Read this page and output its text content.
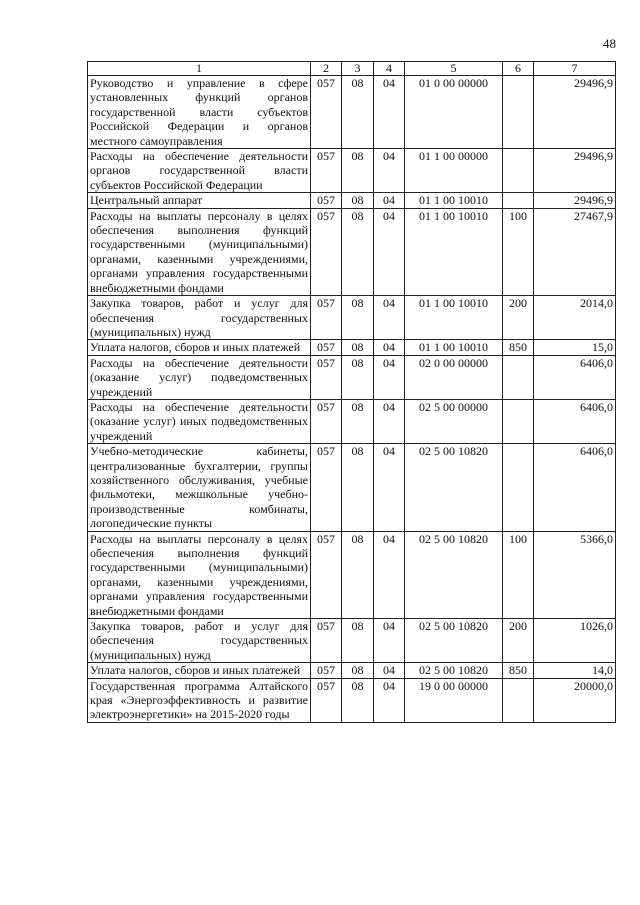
48
1	2	3	4	5	6	7
Руководство и управление в сфере установленных функций органов государственной власти субъектов Российской Федерации и органов местного самоуправления	057	08	04	01 0 00 00000		29496,9
Расходы на обеспечение деятельности органов государственной власти субъектов Российской Федерации	057	08	04	01 1 00 00000		29496,9
Центральный аппарат	057	08	04	01 1 00 10010		29496,9
Расходы на выплаты персоналу в целях обеспечения выполнения функций государственными (муниципальными) органами, казенными учреждениями, органами управления государственными внебюджетными фондами	057	08	04	01 1 00 10010	100	27467,9
Закупка товаров, работ и услуг для обеспечения государственных (муниципальных) нужд	057	08	04	01 1 00 10010	200	2014,0
Уплата налогов, сборов и иных платежей	057	08	04	01 1 00 10010	850	15,0
Расходы на обеспечение деятельности (оказание услуг) подведомственных учреждений	057	08	04	02 0 00 00000		6406,0
Расходы на обеспечение деятельности (оказание услуг) иных подведомственных учреждений	057	08	04	02 5 00 00000		6406,0
Учебно-методические кабинеты, централизованные бухгалтерии, группы хозяйственного обслуживания, учебные фильмотеки, межшкольные учебно-производственные комбинаты, логопедические пункты	057	08	04	02 5 00 10820		6406,0
Расходы на выплаты персоналу в целях обеспечения выполнения функций государственными (муниципальными) органами, казенными учреждениями, органами управления государственными внебюджетными фондами	057	08	04	02 5 00 10820	100	5366,0
Закупка товаров, работ и услуг для обеспечения государственных (муниципальных) нужд	057	08	04	02 5 00 10820	200	1026,0
Уплата налогов, сборов и иных платежей	057	08	04	02 5 00 10820	850	14,0
Государственная программа Алтайского края «Энергоэффективность и развитие электроэнергетики» на 2015-2020 годы	057	08	04	19 0 00 00000		20000,0
